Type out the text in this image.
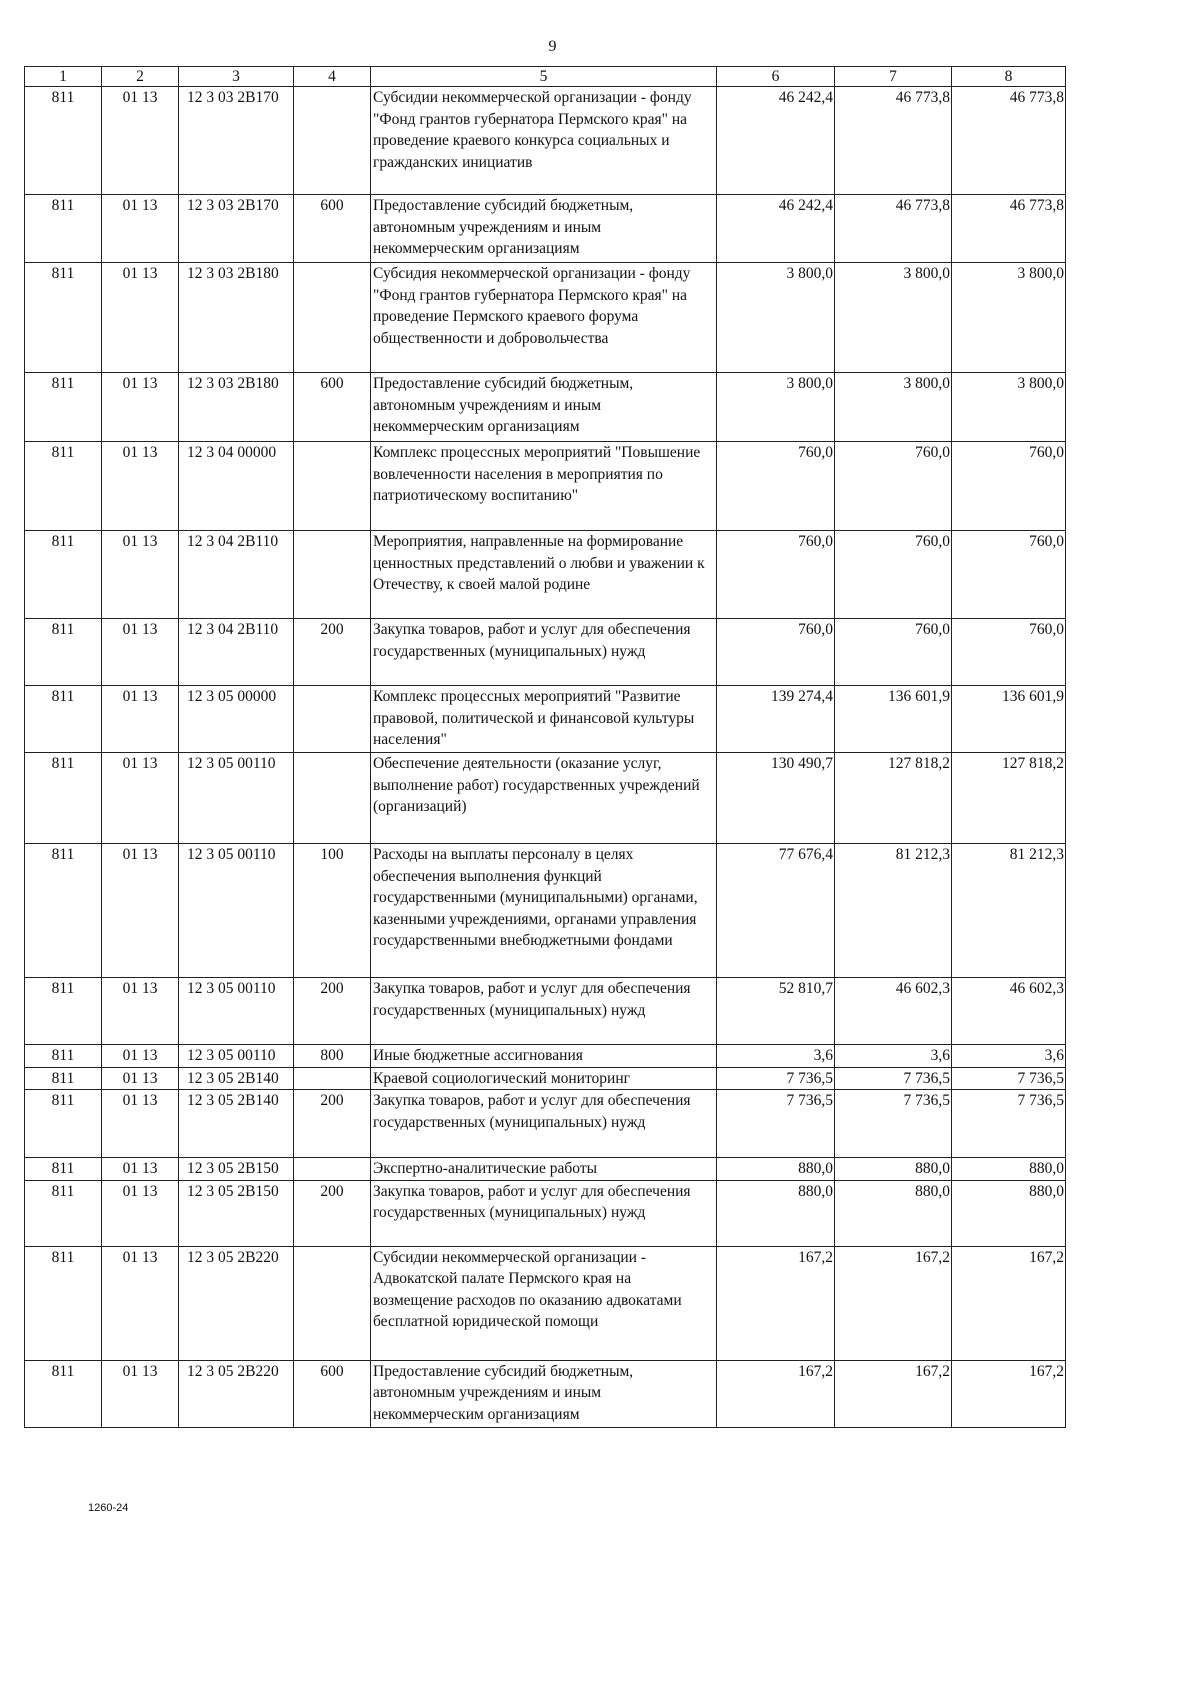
9
1	2	3	4	5	6	7	8
811	01 13	12 3 03 2В170		Субсидии некоммерческой организации - фонду "Фонд грантов губернатора Пермского края" на проведение краевого конкурса социальных и гражданских инициатив	46 242,4	46 773,8	46 773,8
811	01 13	12 3 03 2В170	600	Предоставление субсидий бюджетным, автономным учреждениям и иным некоммерческим организациям	46 242,4	46 773,8	46 773,8
811	01 13	12 3 03 2В180		Субсидия некоммерческой организации - фонду "Фонд грантов губернатора Пермского края" на проведение Пермского краевого форума общественности и добровольчества	3 800,0	3 800,0	3 800,0
811	01 13	12 3 03 2В180	600	Предоставление субсидий бюджетным, автономным учреждениям и иным некоммерческим организациям	3 800,0	3 800,0	3 800,0
811	01 13	12 3 04 00000		Комплекс процессных мероприятий "Повышение вовлеченности населения в мероприятия по патриотическому воспитанию"	760,0	760,0	760,0
811	01 13	12 3 04 2В110		Мероприятия, направленные на формирование ценностных представлений о любви и уважении к Отечеству, к своей малой родине	760,0	760,0	760,0
811	01 13	12 3 04 2В110	200	Закупка товаров, работ и услуг для обеспечения государственных (муниципальных) нужд	760,0	760,0	760,0
811	01 13	12 3 05 00000		Комплекс процессных мероприятий "Развитие правовой, политической и финансовой культуры населения"	139 274,4	136 601,9	136 601,9
811	01 13	12 3 05 00110		Обеспечение деятельности (оказание услуг, выполнение работ) государственных учреждений (организаций)	130 490,7	127 818,2	127 818,2
811	01 13	12 3 05 00110	100	Расходы на выплаты персоналу в целях обеспечения выполнения функций государственными (муниципальными) органами, казенными учреждениями, органами управления государственными внебюджетными фондами	77 676,4	81 212,3	81 212,3
811	01 13	12 3 05 00110	200	Закупка товаров, работ и услуг для обеспечения государственных (муниципальных) нужд	52 810,7	46 602,3	46 602,3
811	01 13	12 3 05 00110	800	Иные бюджетные ассигнования	3,6	3,6	3,6
811	01 13	12 3 05 2В140		Краевой социологический мониторинг	7 736,5	7 736,5	7 736,5
811	01 13	12 3 05 2В140	200	Закупка товаров, работ и услуг для обеспечения государственных (муниципальных) нужд	7 736,5	7 736,5	7 736,5
811	01 13	12 3 05 2В150		Экспертно-аналитические работы	880,0	880,0	880,0
811	01 13	12 3 05 2В150	200	Закупка товаров, работ и услуг для обеспечения государственных (муниципальных) нужд	880,0	880,0	880,0
811	01 13	12 3 05 2В220		Субсидии некоммерческой организации - Адвокатской палате Пермского края на возмещение расходов по оказанию адвокатами бесплатной юридической помощи	167,2	167,2	167,2
811	01 13	12 3 05 2В220	600	Предоставление субсидий бюджетным, автономным учреждениям и иным некоммерческим организациям	167,2	167,2	167,2
1260-24
